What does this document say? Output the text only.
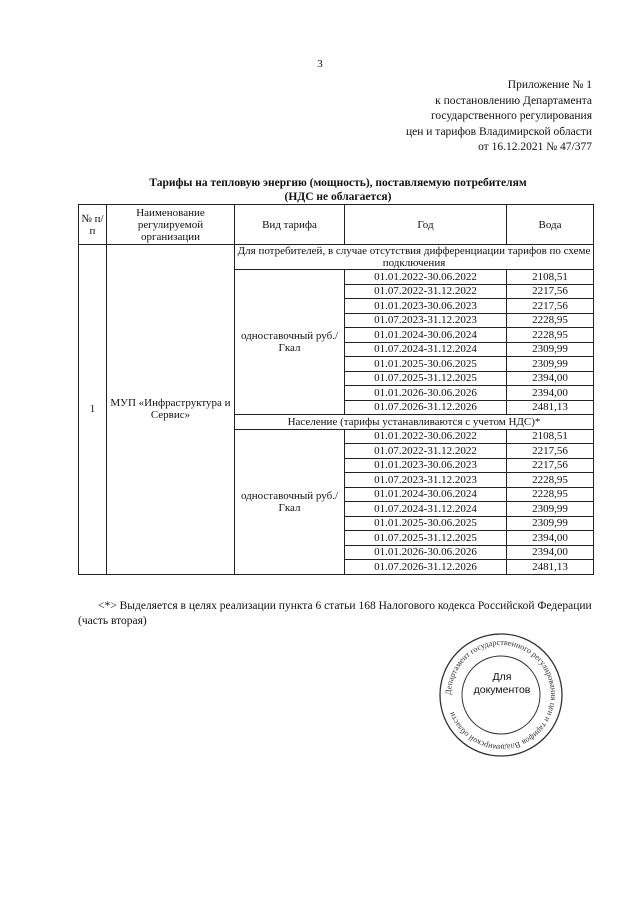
3
Приложение № 1
к постановлению Департамента
государственного регулирования
цен и тарифов Владимирской области
от 16.12.2021 № 47/377
Тарифы на тепловую энергию (мощность), поставляемую потребителям
(НДС не облагается)
№ п/п	Наименование регулируемой организации	Вид тарифа	Год	Вода
1	МУП «Инфраструктура и Сервис»	Для потребителей, в случае отсутствия дифференциации тарифов по схеме подключения		
		одноставочный руб./Гкал	01.01.2022-30.06.2022	2108,51
			01.07.2022-31.12.2022	2217,56
			01.01.2023-30.06.2023	2217,56
			01.07.2023-31.12.2023	2228,95
			01.01.2024-30.06.2024	2228,95
			01.07.2024-31.12.2024	2309,99
			01.01.2025-30.06.2025	2309,99
			01.07.2025-31.12.2025	2394,00
			01.01.2026-30.06.2026	2394,00
			01.07.2026-31.12.2026	2481,13
		Население (тарифы устанавливаются с учетом НДС)*		
		одноставочный руб./Гкал	01.01.2022-30.06.2022	2108,51
			01.07.2022-31.12.2022	2217,56
			01.01.2023-30.06.2023	2217,56
			01.07.2023-31.12.2023	2228,95
			01.01.2024-30.06.2024	2228,95
			01.07.2024-31.12.2024	2309,99
			01.01.2025-30.06.2025	2309,99
			01.07.2025-31.12.2025	2394,00
			01.01.2026-30.06.2026	2394,00
			01.07.2026-31.12.2026	2481,13
<*> Выделяется в целях реализации пункта 6 статьи 168 Налогового кодекса Российской Федерации (часть вторая)
Департамент государственного регулирования цен и тарифов Владимирской области
Для
документов
